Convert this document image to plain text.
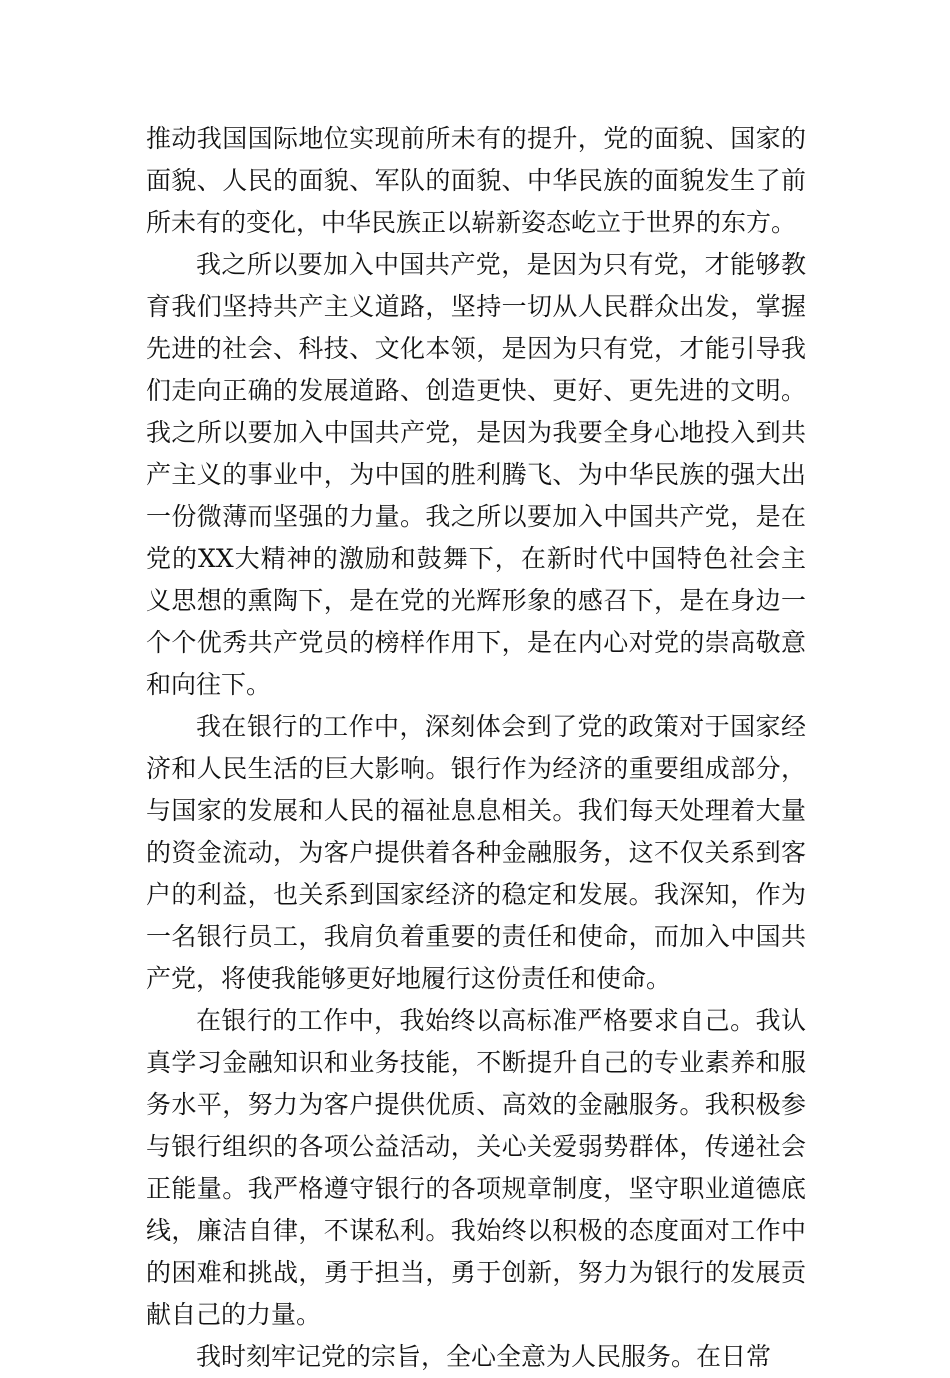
推动我国国际地位实现前所未有的提升，党的面貌、国家的面貌、人民的面貌、军队的面貌、中华民族的面貌发生了前所未有的变化，中华民族正以崭新姿态屹立于世界的东方。

我之所以要加入中国共产党，是因为只有党，才能够教育我们坚持共产主义道路，坚持一切从人民群众出发，掌握先进的社会、科技、文化本领，是因为只有党，才能引导我们走向正确的发展道路、创造更快、更好、更先进的文明。我之所以要加入中国共产党，是因为我要全身心地投入到共产主义的事业中，为中国的胜利腾飞、为中华民族的强大出一份微薄而坚强的力量。我之所以要加入中国共产党，是在党的XX大精神的激励和鼓舞下，在新时代中国特色社会主义思想的熏陶下，是在党的光辉形象的感召下，是在身边一个个优秀共产党员的榜样作用下，是在内心对党的崇高敬意和向往下。

我在银行的工作中，深刻体会到了党的政策对于国家经济和人民生活的巨大影响。银行作为经济的重要组成部分，与国家的发展和人民的福祉息息相关。我们每天处理着大量的资金流动，为客户提供着各种金融服务，这不仅关系到客户的利益，也关系到国家经济的稳定和发展。我深知，作为一名银行员工，我肩负着重要的责任和使命，而加入中国共产党，将使我能够更好地履行这份责任和使命。

在银行的工作中，我始终以高标准严格要求自己。我认真学习金融知识和业务技能，不断提升自己的专业素养和服务水平，努力为客户提供优质、高效的金融服务。我积极参与银行组织的各项公益活动，关心关爱弱势群体，传递社会正能量。我严格遵守银行的各项规章制度，坚守职业道德底线，廉洁自律，不谋私利。我始终以积极的态度面对工作中的困难和挑战，勇于担当，勇于创新，努力为银行的发展贡献自己的力量。

我时刻牢记党的宗旨，全心全意为人民服务。在日常
